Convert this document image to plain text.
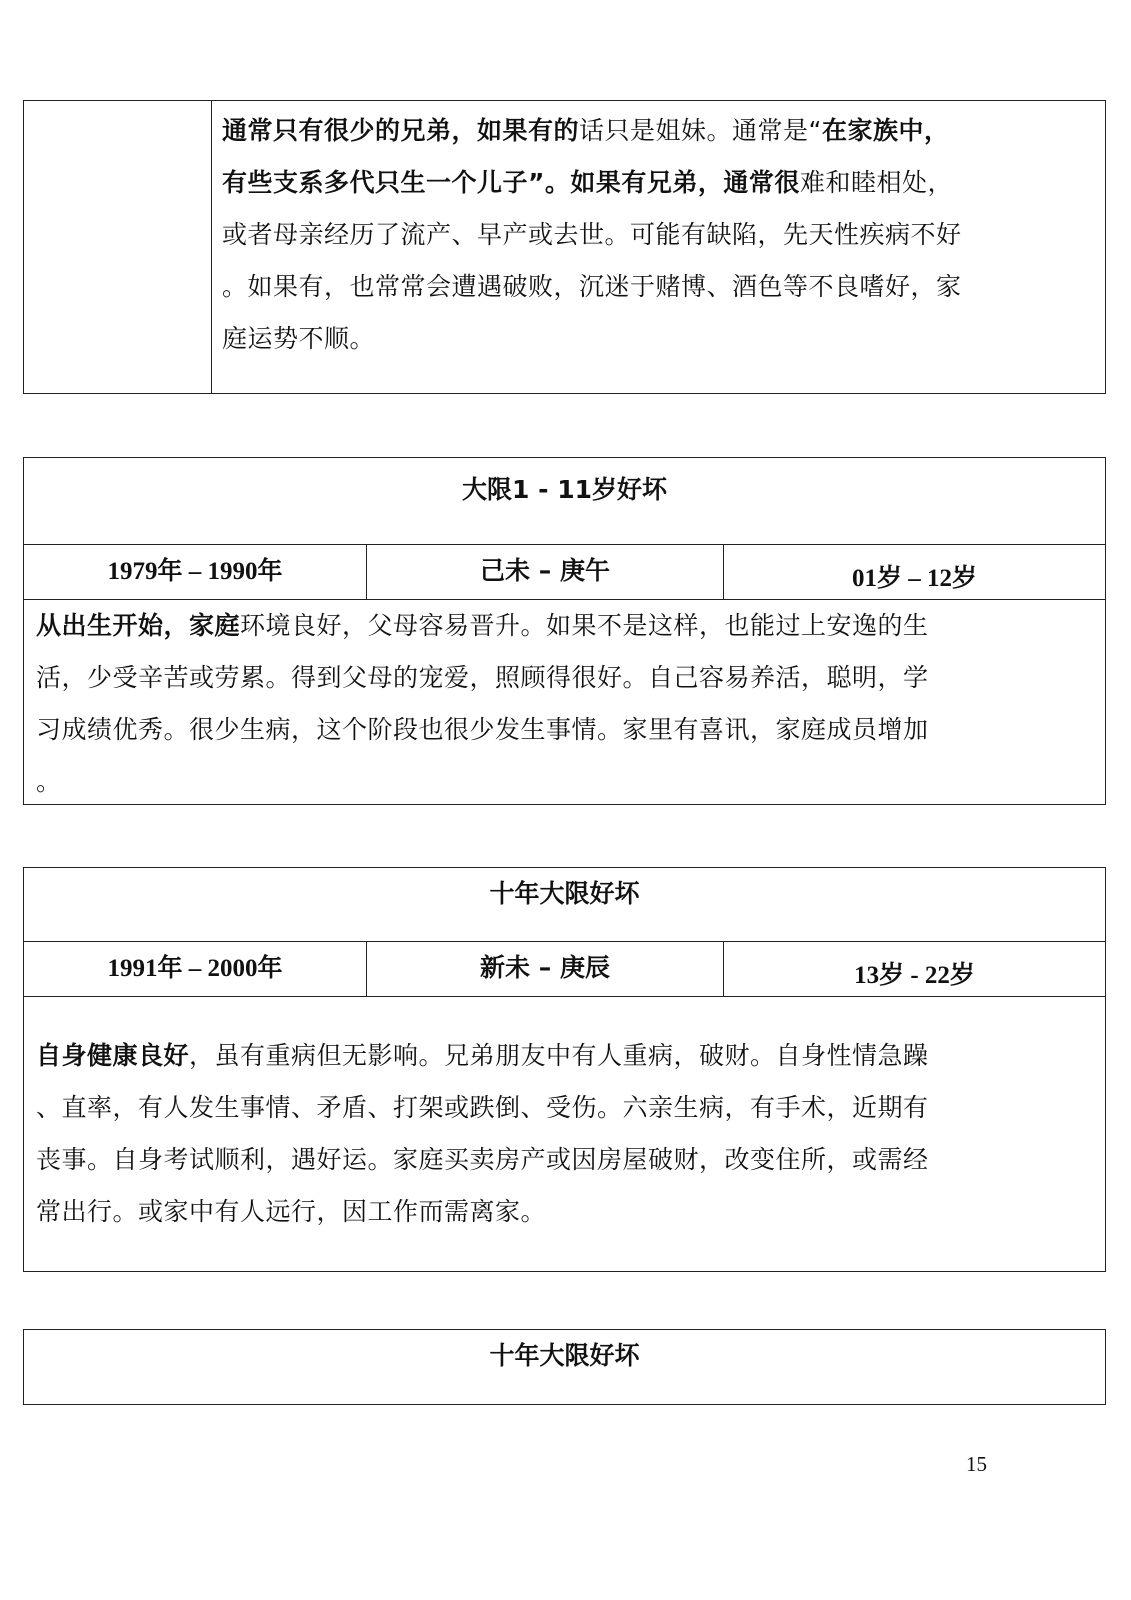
通常只有很少的兄弟，如果有的话只是姐妹。通常是“在家族中，
有些支系多代只生一个儿子”。如果有兄弟，通常很难和睦相处，
或者母亲经历了流产、早产或去世。可能有缺陷，先天性疾病不好
。如果有，也常常会遭遇破败，沉迷于赌博、酒色等不良嗜好，家
庭运势不顺。
大限1 - 11岁好坏
1979年 – 1990年	己未 – 庚午	01岁 – 12岁
从出生开始，家庭环境良好，父母容易晋升。如果不是这样，也能过上安逸的生
活，少受辛苦或劳累。得到父母的宠爱，照顾得很好。自己容易养活，聪明，学
习成绩优秀。很少生病，这个阶段也很少发生事情。家里有喜讯，家庭成员增加
。
十年大限好坏
1991年 – 2000年	新未 – 庚辰	13岁 - 22岁
自身健康良好，虽有重病但无影响。兄弟朋友中有人重病，破财。自身性情急躁
、直率，有人发生事情、矛盾、打架或跌倒、受伤。六亲生病，有手术，近期有
丧事。自身考试顺利，遇好运。家庭买卖房产或因房屋破财，改变住所，或需经
常出行。或家中有人远行，因工作而需离家。
十年大限好坏
15
